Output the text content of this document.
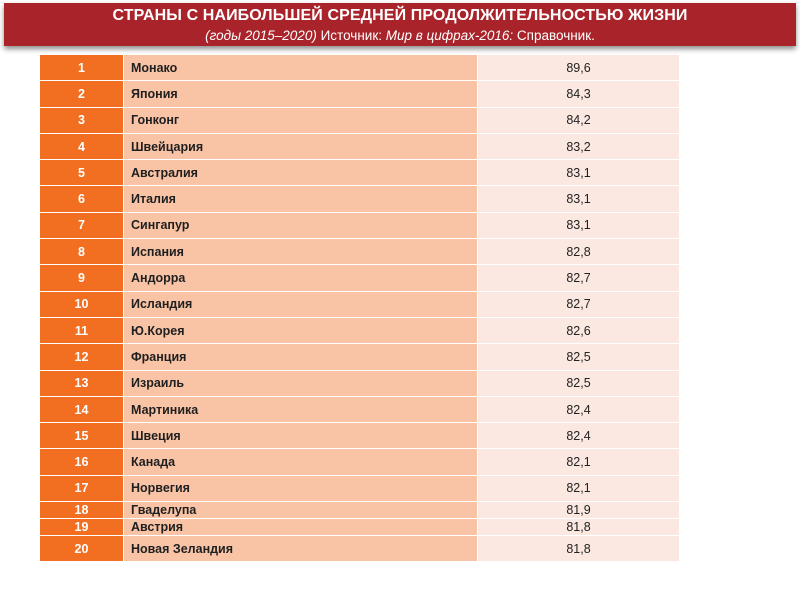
СТРАНЫ С НАИБОЛЬШЕЙ СРЕДНЕЙ ПРОДОЛЖИТЕЛЬНОСТЬЮ ЖИЗНИ
(годы 2015–2020) Источник: Мир в цифрах-2016: Справочник.
1	Монако	89,6
2	Япония	84,3
3	Гонконг	84,2
4	Швейцария	83,2
5	Австралия	83,1
6	Италия	83,1
7	Сингапур	83,1
8	Испания	82,8
9	Андорра	82,7
10	Исландия	82,7
11	Ю.Корея	82,6
12	Франция	82,5
13	Израиль	82,5
14	Мартиника	82,4
15	Швеция	82,4
16	Канада	82,1
17	Норвегия	82,1
18	Гваделупа	81,9
19	Австрия	81,8
20	Новая Зеландия	81,8
